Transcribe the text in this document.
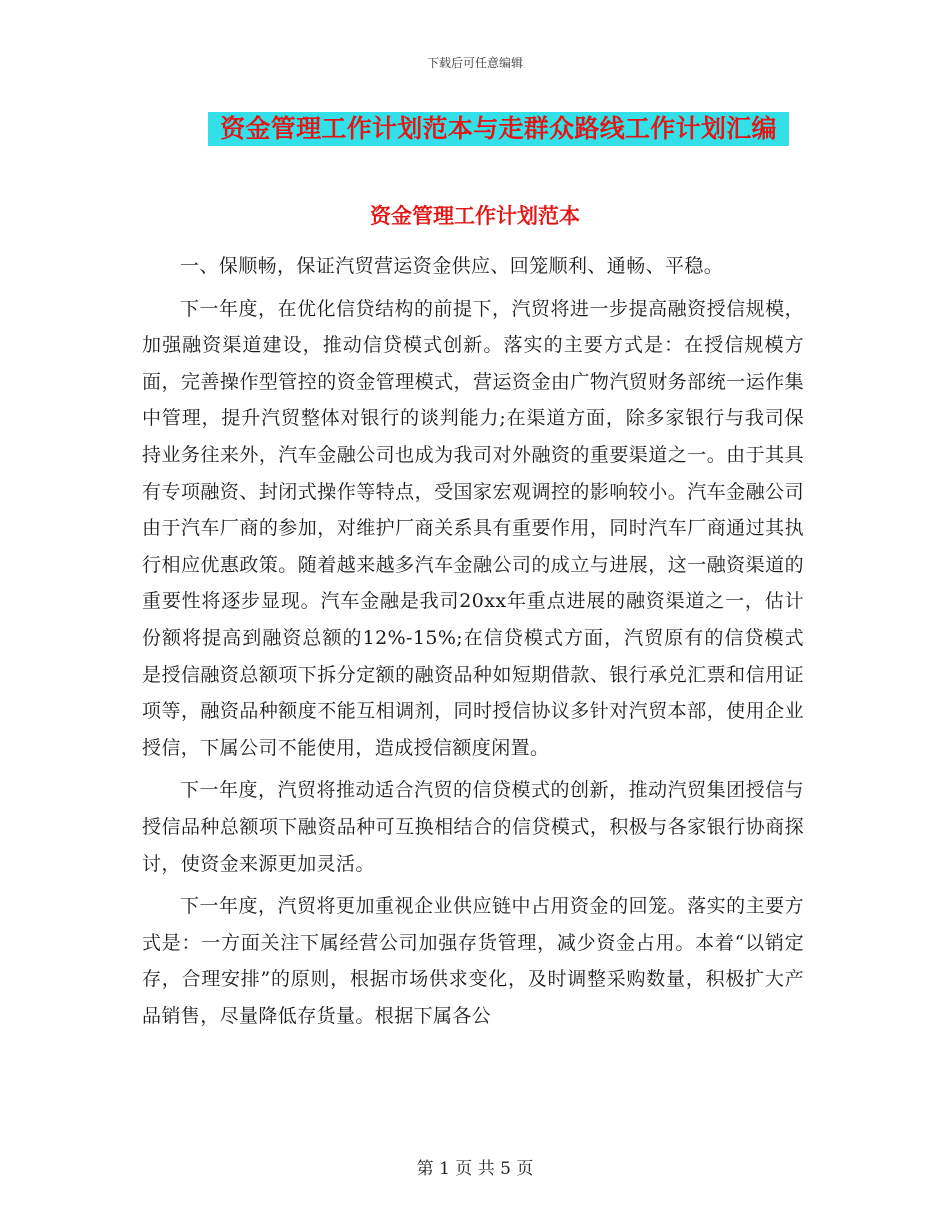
下载后可任意编辑
资金管理工作计划范本与走群众路线工作计划汇编
资金管理工作计划范本

一、保顺畅，保证汽贸营运资金供应、回笼顺利、通畅、平稳。

下一年度，在优化信贷结构的前提下，汽贸将进一步提高融资授信规模，加强融资渠道建设，推动信贷模式创新。落实的主要方式是：在授信规模方面，完善操作型管控的资金管理模式，营运资金由广物汽贸财务部统一运作集中管理，提升汽贸整体对银行的谈判能力;在渠道方面，除多家银行与我司保持业务往来外，汽车金融公司也成为我司对外融资的重要渠道之一。由于其具有专项融资、封闭式操作等特点，受国家宏观调控的影响较小。汽车金融公司由于汽车厂商的参加，对维护厂商关系具有重要作用，同时汽车厂商通过其执行相应优惠政策。随着越来越多汽车金融公司的成立与进展，这一融资渠道的重要性将逐步显现。汽车金融是我司20xx年重点进展的融资渠道之一，估计份额将提高到融资总额的12%-15%;在信贷模式方面，汽贸原有的信贷模式是授信融资总额项下拆分定额的融资品种如短期借款、银行承兑汇票和信用证项等，融资品种额度不能互相调剂，同时授信协议多针对汽贸本部，使用企业授信，下属公司不能使用，造成授信额度闲置。

下一年度，汽贸将推动适合汽贸的信贷模式的创新，推动汽贸集团授信与授信品种总额项下融资品种可互换相结合的信贷模式，积极与各家银行协商探讨，使资金来源更加灵活。

下一年度，汽贸将更加重视企业供应链中占用资金的回笼。落实的主要方式是：一方面关注下属经营公司加强存货管理，减少资金占用。本着“以销定存，合理安排”的原则，根据市场供求变化，及时调整采购数量，积极扩大产品销售，尽量降低存货量。根据下属各公

第 1 页 共 5 页
